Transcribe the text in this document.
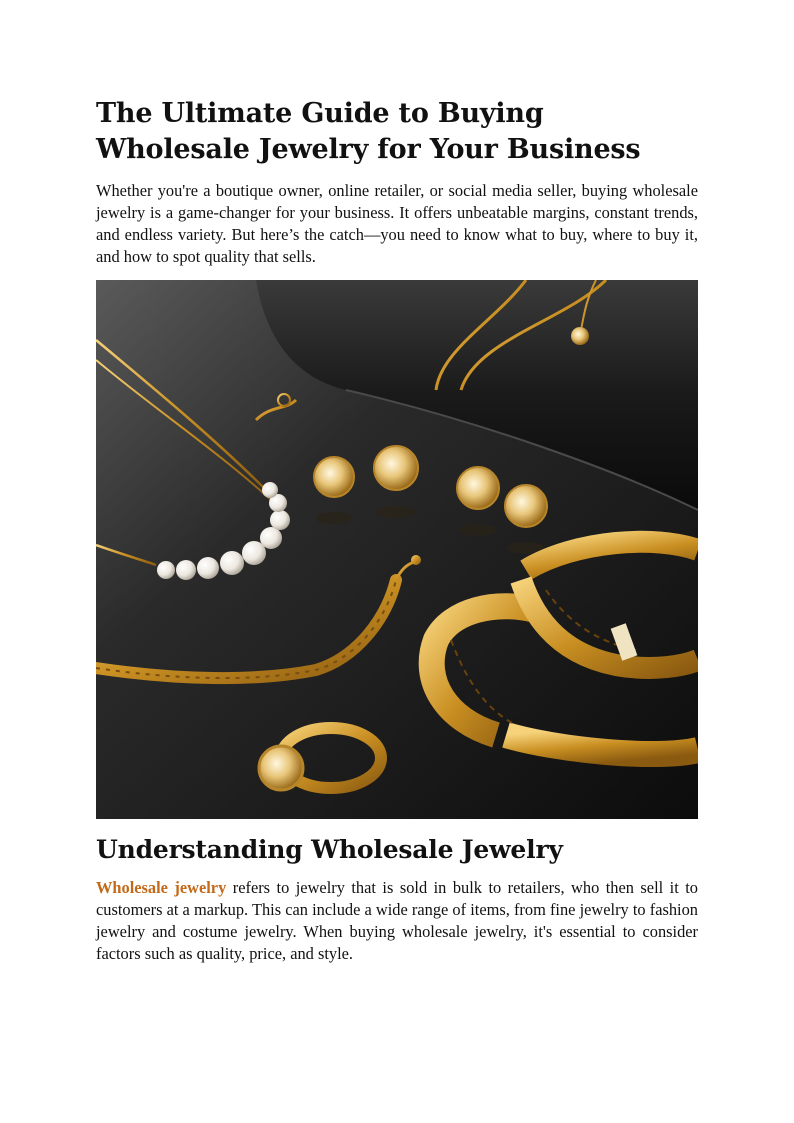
The Ultimate Guide to Buying Wholesale Jewelry for Your Business

Whether you're a boutique owner, online retailer, or social media seller, buying wholesale jewelry is a game-changer for your business. It offers unbeatable margins, constant trends, and endless variety. But here’s the catch—you need to know what to buy, where to buy it, and how to spot quality that sells.

Understanding Wholesale Jewelry

Wholesale jewelry refers to jewelry that is sold in bulk to retailers, who then sell it to customers at a markup. This can include a wide range of items, from fine jewelry to fashion jewelry and costume jewelry. When buying wholesale jewelry, it's essential to consider factors such as quality, price, and style.
